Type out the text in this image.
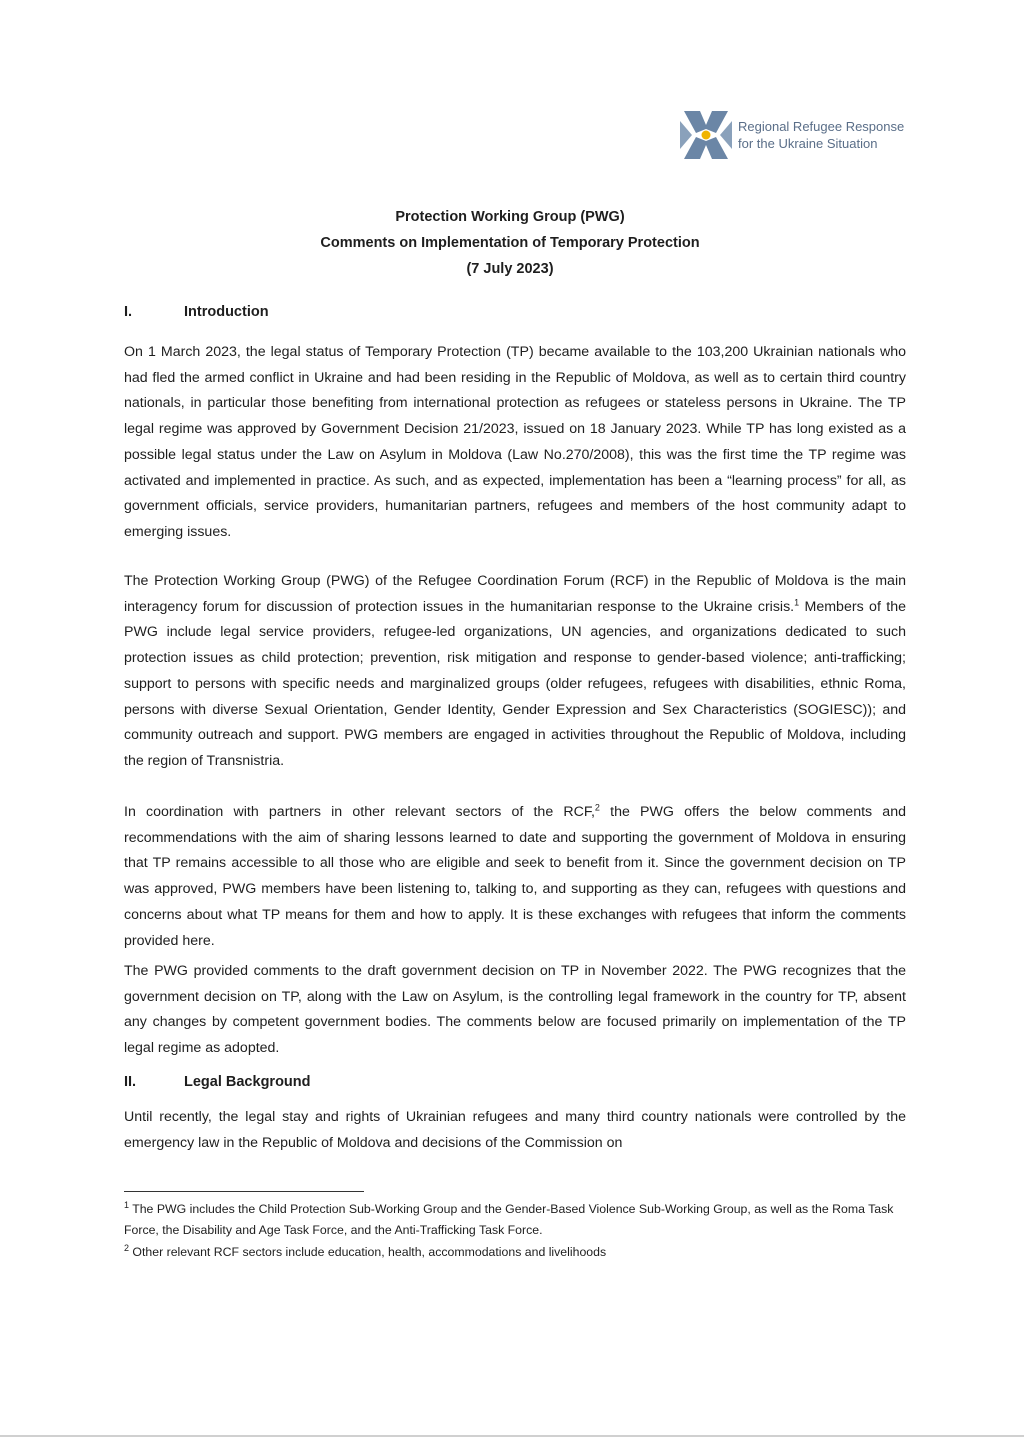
Regional Refugee Response
for the Ukraine Situation
Protection Working Group (PWG)
Comments on Implementation of Temporary Protection
(7 July 2023)
I.	Introduction

On 1 March 2023, the legal status of Temporary Protection (TP) became available to the 103,200 Ukrainian nationals who had fled the armed conflict in Ukraine and had been residing in the Republic of Moldova, as well as to certain third country nationals, in particular those benefiting from international protection as refugees or stateless persons in Ukraine. The TP legal regime was approved by Government Decision 21/2023, issued on 18 January 2023. While TP has long existed as a possible legal status under the Law on Asylum in Moldova (Law No.270/2008), this was the first time the TP regime was activated and implemented in practice. As such, and as expected, implementation has been a “learning process” for all, as government officials, service providers, humanitarian partners, refugees and members of the host community adapt to emerging issues.

The Protection Working Group (PWG) of the Refugee Coordination Forum (RCF) in the Republic of Moldova is the main interagency forum for discussion of protection issues in the humanitarian response to the Ukraine crisis.$^1$ Members of the PWG include legal service providers, refugee-led organizations, UN agencies, and organizations dedicated to such protection issues as child protection; prevention, risk mitigation and response to gender-based violence; anti-trafficking; support to persons with specific needs and marginalized groups (older refugees, refugees with disabilities, ethnic Roma, persons with diverse Sexual Orientation, Gender Identity, Gender Expression and Sex Characteristics (SOGIESC)); and community outreach and support. PWG members are engaged in activities throughout the Republic of Moldova, including the region of Transnistria.

In coordination with partners in other relevant sectors of the RCF,$^2$ the PWG offers the below comments and recommendations with the aim of sharing lessons learned to date and supporting the government of Moldova in ensuring that TP remains accessible to all those who are eligible and seek to benefit from it. Since the government decision on TP was approved, PWG members have been listening to, talking to, and supporting as they can, refugees with questions and concerns about what TP means for them and how to apply. It is these exchanges with refugees that inform the comments provided here.

The PWG provided comments to the draft government decision on TP in November 2022. The PWG recognizes that the government decision on TP, along with the Law on Asylum, is the controlling legal framework in the country for TP, absent any changes by competent government bodies. The comments below are focused primarily on implementation of the TP legal regime as adopted.

II.	Legal Background

Until recently, the legal stay and rights of Ukrainian refugees and many third country nationals were controlled by the emergency law in the Republic of Moldova and decisions of the Commission on

$^1$ The PWG includes the Child Protection Sub-Working Group and the Gender-Based Violence Sub-Working Group, as well as the Roma Task Force, the Disability and Age Task Force, and the Anti-Trafficking Task Force.

$^2$ Other relevant RCF sectors include education, health, accommodations and livelihoods
